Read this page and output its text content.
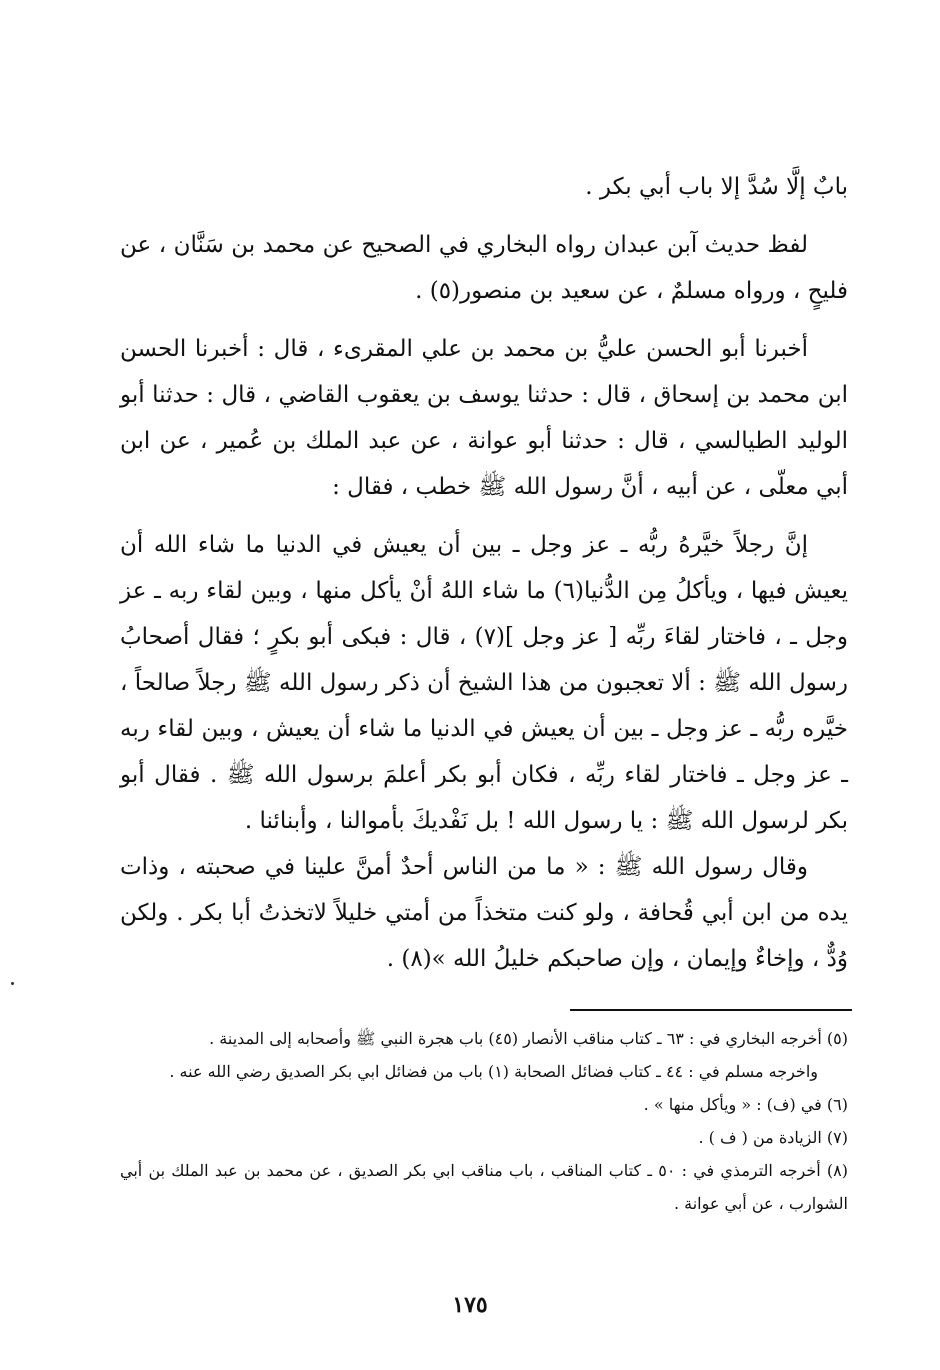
بابٌ إلَّا سُدَّ إلا باب أبي بكر .

لفظ حديث آبن عبدان رواه البخاري في الصحيح عن محمد بن سَنَّان ، عن فليحٍ ، ورواه مسلمٌ ، عن سعيد بن منصور(٥) .

أخبرنا أبو الحسن عليُّ بن محمد بن علي المقرىء ، قال : أخبرنا الحسن ابن محمد بن إسحاق ، قال : حدثنا يوسف بن يعقوب القاضي ، قال : حدثنا أبو الوليد الطيالسي ، قال : حدثنا أبو عوانة ، عن عبد الملك بن عُمير ، عن ابن أبي معلّى ، عن أبيه ، أنَّ رسول الله ﷺ خطب ، فقال :

إنَّ رجلاً خيَّرهُ ربُّه ـ عز وجل ـ بين أن يعيش في الدنيا ما شاء الله أن يعيش فيها ، ويأكلُ مِن الدُّنيا(٦) ما شاء اللهُ أنْ يأكل منها ، وبين لقاء ربه ـ عز وجل ـ ، فاختار لقاءَ ربِّه [ عز وجل ](٧) ، قال : فبكى أبو بكرٍ ؛ فقال أصحابُ رسول الله ﷺ : ألا تعجبون من هذا الشيخ أن ذكر رسول الله ﷺ رجلاً صالحاً ، خيَّره ربُّه ـ عز وجل ـ بين أن يعيش في الدنيا ما شاء أن يعيش ، وبين لقاء ربه ـ عز وجل ـ فاختار لقاء ربِّه ، فكان أبو بكر أعلمَ برسول الله ﷺ . فقال أبو بكر لرسول الله ﷺ : يا رسول الله ! بل نَفْديكَ بأموالنا ، وأبنائنا .

وقال رسول الله ﷺ : « ما من الناس أحدٌ أمنَّ علينا في صحبته ، وذات يده من ابن أبي قُحافة ، ولو كنت متخذاً من أمتي خليلاً لاتخذتُ أبا بكر . ولكن وُدٌّ ، وإخاءٌ وإيمان ، وإن صاحبكم خليلُ الله »(٨) .

(٥) أخرجه البخاري في : ٦٣ ـ كتاب مناقب الأنصار (٤٥) باب هجرة النبي ﷺ وأصحابه إلى المدينة .

واخرجه مسلم في : ٤٤ ـ كتاب فضائل الصحابة (١) باب من فضائل ابي بكر الصديق رضي الله عنه .

(٦) في (ف) : « ويأكل منها » .

(٧) الزيادة من ( ف ) .

(٨) أخرجه الترمذي في : ٥٠ ـ كتاب المناقب ، باب مناقب ابي بكر الصديق ، عن محمد بن عبد الملك بن أبي الشوارب ، عن أبي عوانة .

١٧٥
